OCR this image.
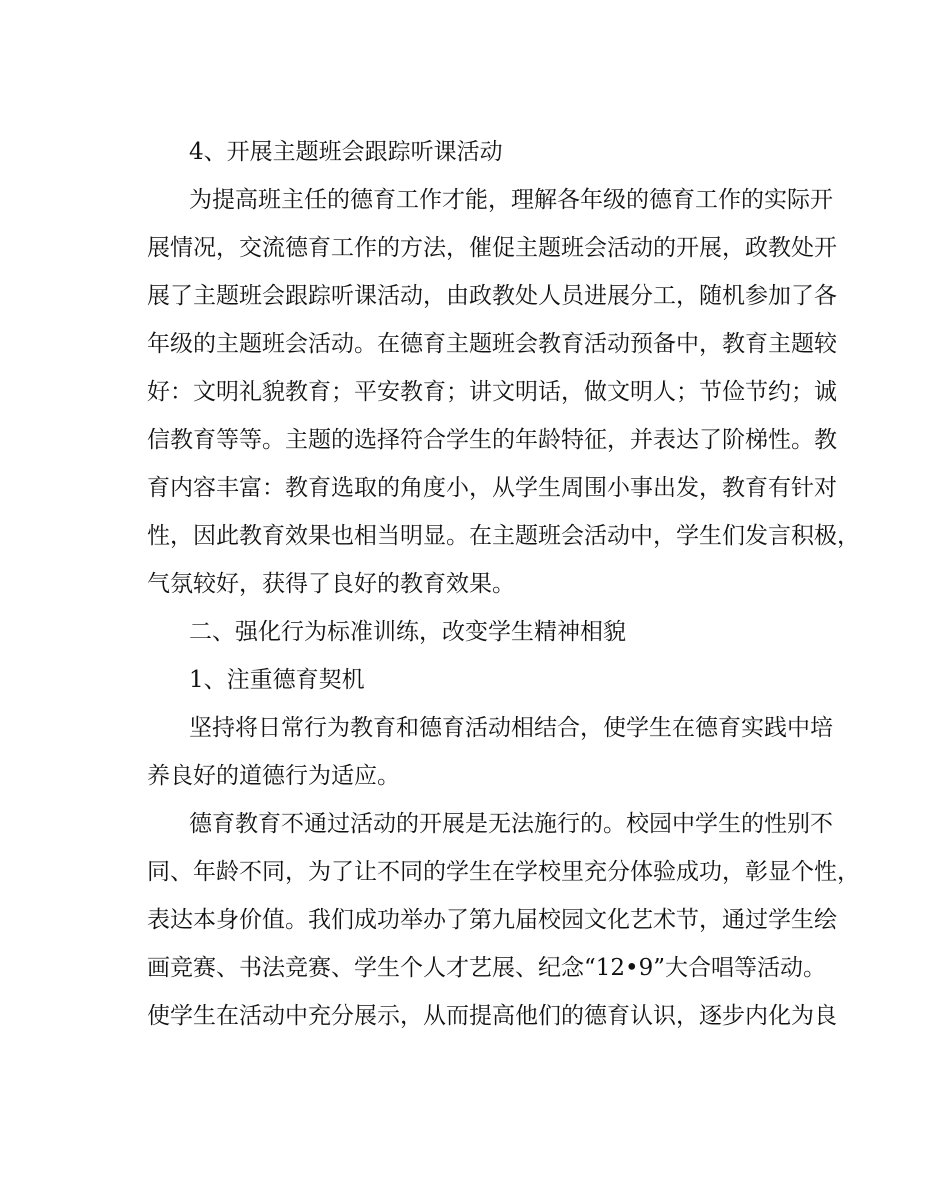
4、开展主题班会跟踪听课活动

为提高班主任的德育工作才能，理解各年级的德育工作的实际开

展情况，交流德育工作的方法，催促主题班会活动的开展，政教处开

展了主题班会跟踪听课活动，由政教处人员进展分工，随机参加了各

年级的主题班会活动。在德育主题班会教育活动预备中，教育主题较

好：文明礼貌教育；平安教育；讲文明话，做文明人；节俭节约；诚

信教育等等。主题的选择符合学生的年龄特征，并表达了阶梯性。教

育内容丰富：教育选取的角度小，从学生周围小事出发，教育有针对

性，因此教育效果也相当明显。在主题班会活动中，学生们发言积极，

气氛较好，获得了良好的教育效果。

二、强化行为标准训练，改变学生精神相貌

1、注重德育契机

坚持将日常行为教育和德育活动相结合，使学生在德育实践中培

养良好的道德行为适应。

德育教育不通过活动的开展是无法施行的。校园中学生的性别不

同、年龄不同，为了让不同的学生在学校里充分体验成功，彰显个性，

表达本身价值。我们成功举办了第九届校园文化艺术节，通过学生绘

画竞赛、书法竞赛、学生个人才艺展、纪念“12•9”大合唱等活动。

使学生在活动中充分展示，从而提高他们的德育认识，逐步内化为良
